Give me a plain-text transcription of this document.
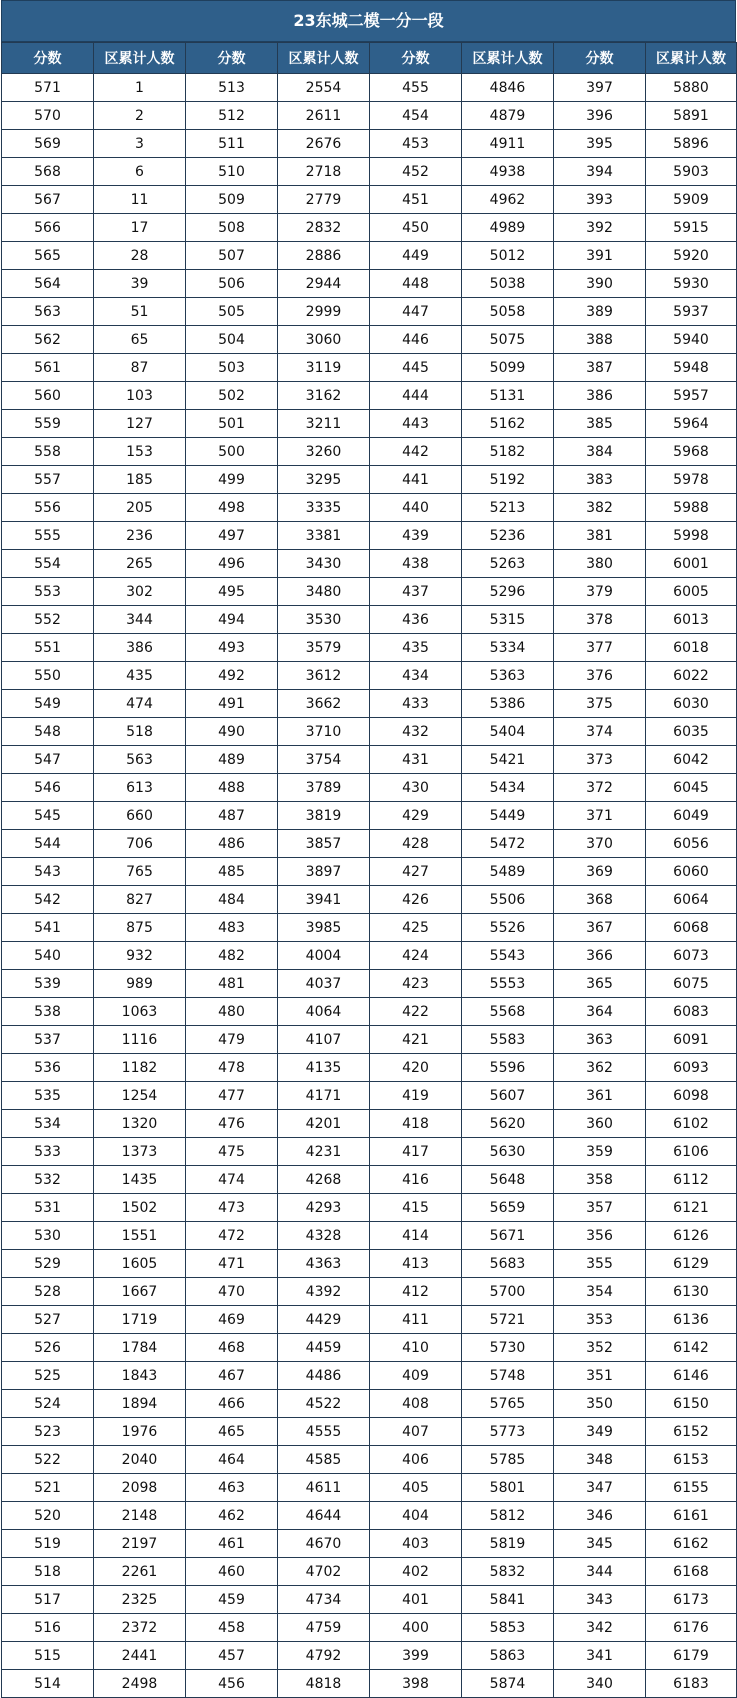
23东城二模一分一段
分数	区累计人数	分数	区累计人数	分数	区累计人数	分数	区累计人数
571	1	513	2554	455	4846	397	5880
570	2	512	2611	454	4879	396	5891
569	3	511	2676	453	4911	395	5896
568	6	510	2718	452	4938	394	5903
567	11	509	2779	451	4962	393	5909
566	17	508	2832	450	4989	392	5915
565	28	507	2886	449	5012	391	5920
564	39	506	2944	448	5038	390	5930
563	51	505	2999	447	5058	389	5937
562	65	504	3060	446	5075	388	5940
561	87	503	3119	445	5099	387	5948
560	103	502	3162	444	5131	386	5957
559	127	501	3211	443	5162	385	5964
558	153	500	3260	442	5182	384	5968
557	185	499	3295	441	5192	383	5978
556	205	498	3335	440	5213	382	5988
555	236	497	3381	439	5236	381	5998
554	265	496	3430	438	5263	380	6001
553	302	495	3480	437	5296	379	6005
552	344	494	3530	436	5315	378	6013
551	386	493	3579	435	5334	377	6018
550	435	492	3612	434	5363	376	6022
549	474	491	3662	433	5386	375	6030
548	518	490	3710	432	5404	374	6035
547	563	489	3754	431	5421	373	6042
546	613	488	3789	430	5434	372	6045
545	660	487	3819	429	5449	371	6049
544	706	486	3857	428	5472	370	6056
543	765	485	3897	427	5489	369	6060
542	827	484	3941	426	5506	368	6064
541	875	483	3985	425	5526	367	6068
540	932	482	4004	424	5543	366	6073
539	989	481	4037	423	5553	365	6075
538	1063	480	4064	422	5568	364	6083
537	1116	479	4107	421	5583	363	6091
536	1182	478	4135	420	5596	362	6093
535	1254	477	4171	419	5607	361	6098
534	1320	476	4201	418	5620	360	6102
533	1373	475	4231	417	5630	359	6106
532	1435	474	4268	416	5648	358	6112
531	1502	473	4293	415	5659	357	6121
530	1551	472	4328	414	5671	356	6126
529	1605	471	4363	413	5683	355	6129
528	1667	470	4392	412	5700	354	6130
527	1719	469	4429	411	5721	353	6136
526	1784	468	4459	410	5730	352	6142
525	1843	467	4486	409	5748	351	6146
524	1894	466	4522	408	5765	350	6150
523	1976	465	4555	407	5773	349	6152
522	2040	464	4585	406	5785	348	6153
521	2098	463	4611	405	5801	347	6155
520	2148	462	4644	404	5812	346	6161
519	2197	461	4670	403	5819	345	6162
518	2261	460	4702	402	5832	344	6168
517	2325	459	4734	401	5841	343	6173
516	2372	458	4759	400	5853	342	6176
515	2441	457	4792	399	5863	341	6179
514	2498	456	4818	398	5874	340	6183
